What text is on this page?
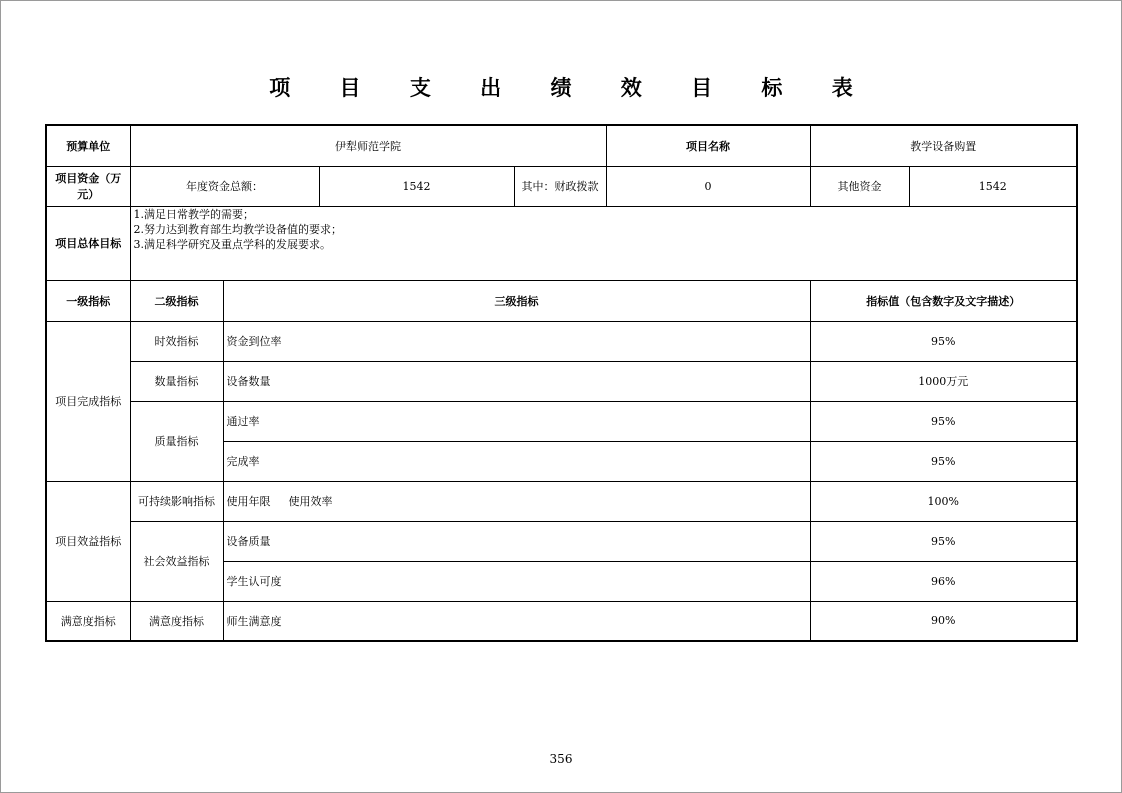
项 目 支 出 绩 效 目 标 表
预算单位	伊犁师范学院				项目名称	教学设备购置	
项目资金（万元）	年度资金总额：		1542	其中：财政拨款	0	其他资金	1542
项目总体目标	1.满足日常教学的需要；
2.努力达到教育部生均教学设备值的要求；
3.满足科学研究及重点学科的发展要求。						

一级指标	二级指标	三级指标				指标值（包含数字及文字描述）	
项目完成指标	时效指标	资金到位率				95%	
	数量指标	设备数量				1000万元	
	质量指标	通过率				95%	
		完成率				95%	
项目效益指标	可持续影响指标	使用年限 　 使用效率				100%	
	社会效益指标	设备质量				95%	
		学生认可度				96%	
满意度指标	满意度指标	师生满意度				90%	
356
